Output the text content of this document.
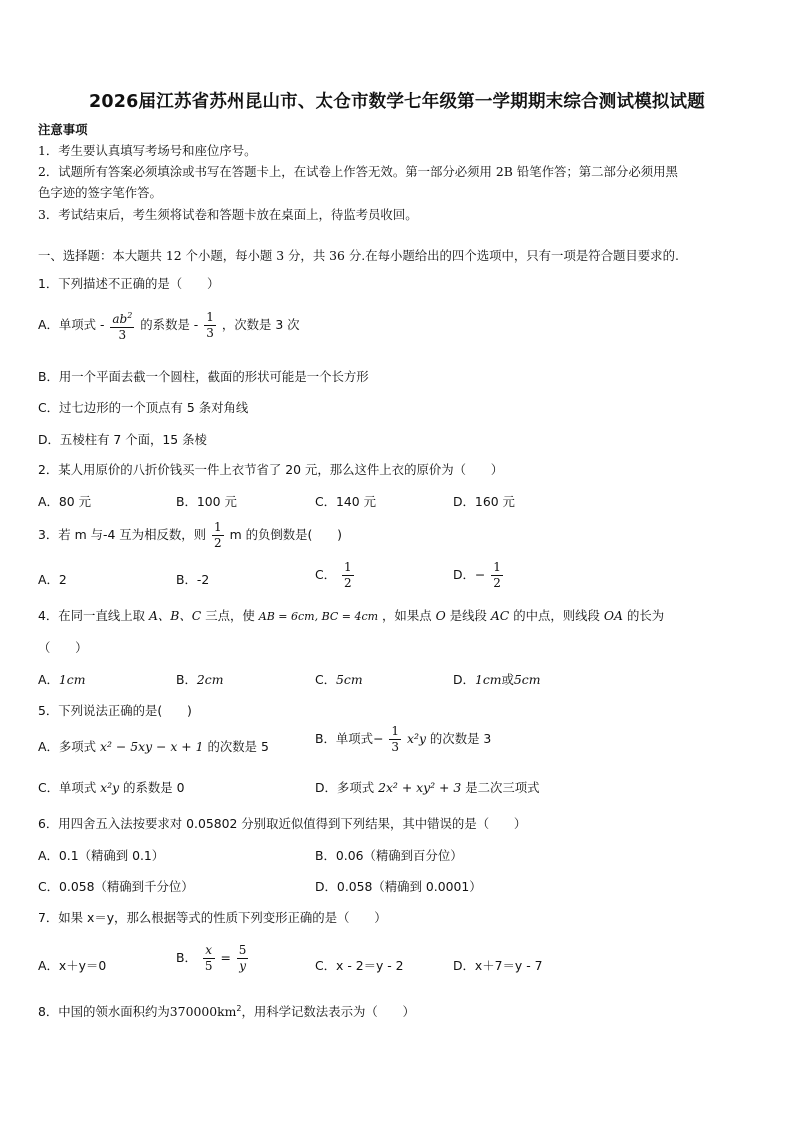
2026届江苏省苏州昆山市、太仓市数学七年级第一学期期末综合测试模拟试题
注意事项
1．考生要认真填写考场号和座位序号。
2．试题所有答案必须填涂或书写在答题卡上，在试卷上作答无效。第一部分必须用 2B 铅笔作答；第二部分必须用黑
色字迹的签字笔作答。
3．考试结束后，考生须将试卷和答题卡放在桌面上，待监考员收回。
一、选择题：本大题共 12 个小题，每小题 3 分，共 36 分.在每小题给出的四个选项中，只有一项是符合题目要求的.
1．下列描述不正确的是（　　）
A．单项式 - $\frac{ab^2}{3}$ 的系数是 - $\frac{1}{3}$ ，次数是 3 次
B．用一个平面去截一个圆柱，截面的形状可能是一个长方形
C．过七边形的一个顶点有 5 条对角线
D．五棱柱有 7 个面，15 条棱
2．某人用原价的八折价钱买一件上衣节省了 20 元，那么这件上衣的原价为（　　）
A．80 元	B．100 元	C．140 元	D．160 元
3．若 m 与-4 互为相反数，则 $\frac{1}{2}$ m 的负倒数是(　　)
A．2	B．-2	C． $\frac{1}{2}$	D．− $\frac{1}{2}$
4．在同一直线上取 A、B、C 三点，使 AB = 6cm, BC = 4cm ，如果点 O 是线段 AC 的中点，则线段 OA 的长为
（　　）
A．1cm	B．2cm	C．5cm	D．1cm或5cm
5．下列说法正确的是(　　)
A．多项式 x² − 5xy − x + 1 的次数是 5
B．单项式− $\frac{1}{3} x^2y$ 的次数是 3
C．单项式 x²y 的系数是 0	D．多项式 2x² + xy² + 3 是二次三项式
6．用四舍五入法按要求对 0.05802 分别取近似值得到下列结果，其中错误的是（　　）
A．0.1（精确到 0.1）	B．0.06（精确到百分位）
C．0.058（精确到千分位）	D．0.058（精确到 0.0001）
7．如果 x＝y，那么根据等式的性质下列变形正确的是（　　）
A．x＋y＝0
B． $\frac{x}{5} = \frac{5}{y}$	C．x - 2＝y - 2	D．x＋7＝y - 7
8．中国的领水面积约为$370000km^2$，用科学记数法表示为（　　）
